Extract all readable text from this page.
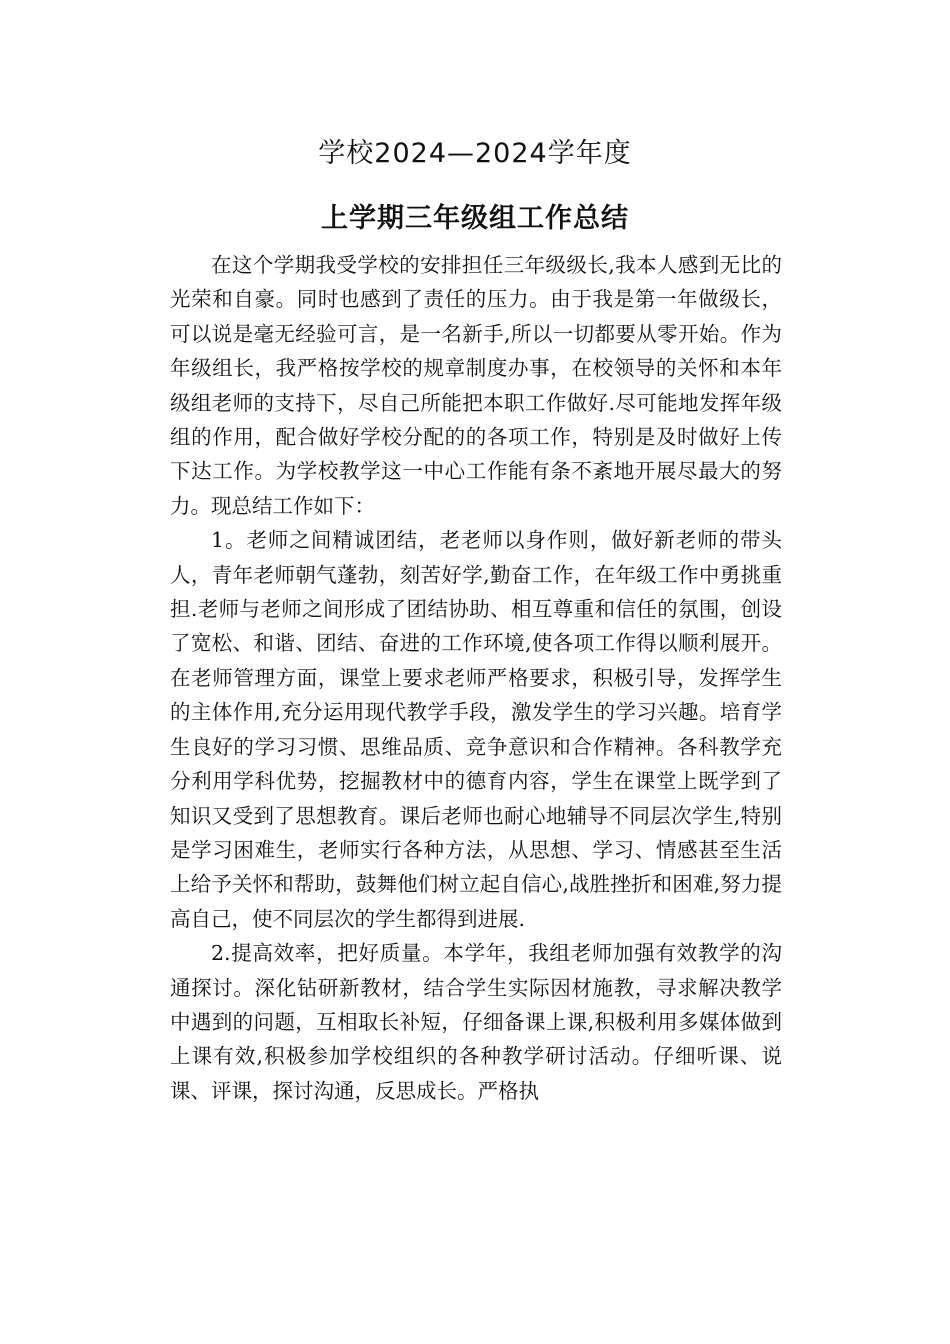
学校2024—2024学年度
上学期三年级组工作总结

在这个学期我受学校的安排担任三年级级长,我本人感到无比的光荣和自豪。同时也感到了责任的压力。由于我是第一年做级长，可以说是毫无经验可言，是一名新手,所以一切都要从零开始。作为年级组长，我严格按学校的规章制度办事，在校领导的关怀和本年级组老师的支持下，尽自己所能把本职工作做好.尽可能地发挥年级组的作用，配合做好学校分配的的各项工作，特别是及时做好上传下达工作。为学校教学这一中心工作能有条不紊地开展尽最大的努力。现总结工作如下：

1。老师之间精诚团结，老老师以身作则，做好新老师的带头人，青年老师朝气蓬勃，刻苦好学,勤奋工作，在年级工作中勇挑重担.老师与老师之间形成了团结协助、相互尊重和信任的氛围，创设了宽松、和谐、团结、奋进的工作环境,使各项工作得以顺利展开。在老师管理方面，课堂上要求老师严格要求，积极引导，发挥学生的主体作用,充分运用现代教学手段，激发学生的学习兴趣。培育学生良好的学习习惯、思维品质、竞争意识和合作精神。各科教学充分利用学科优势，挖掘教材中的德育内容，学生在课堂上既学到了知识又受到了思想教育。课后老师也耐心地辅导不同层次学生,特别是学习困难生，老师实行各种方法，从思想、学习、情感甚至生活上给予关怀和帮助，鼓舞他们树立起自信心,战胜挫折和困难,努力提高自己，使不同层次的学生都得到进展.

2.提高效率，把好质量。本学年，我组老师加强有效教学的沟通探讨。深化钻研新教材，结合学生实际因材施教，寻求解决教学中遇到的问题，互相取长补短，仔细备课上课,积极利用多媒体做到上课有效,积极参加学校组织的各种教学研讨活动。仔细听课、说课、评课，探讨沟通，反思成长。严格执
